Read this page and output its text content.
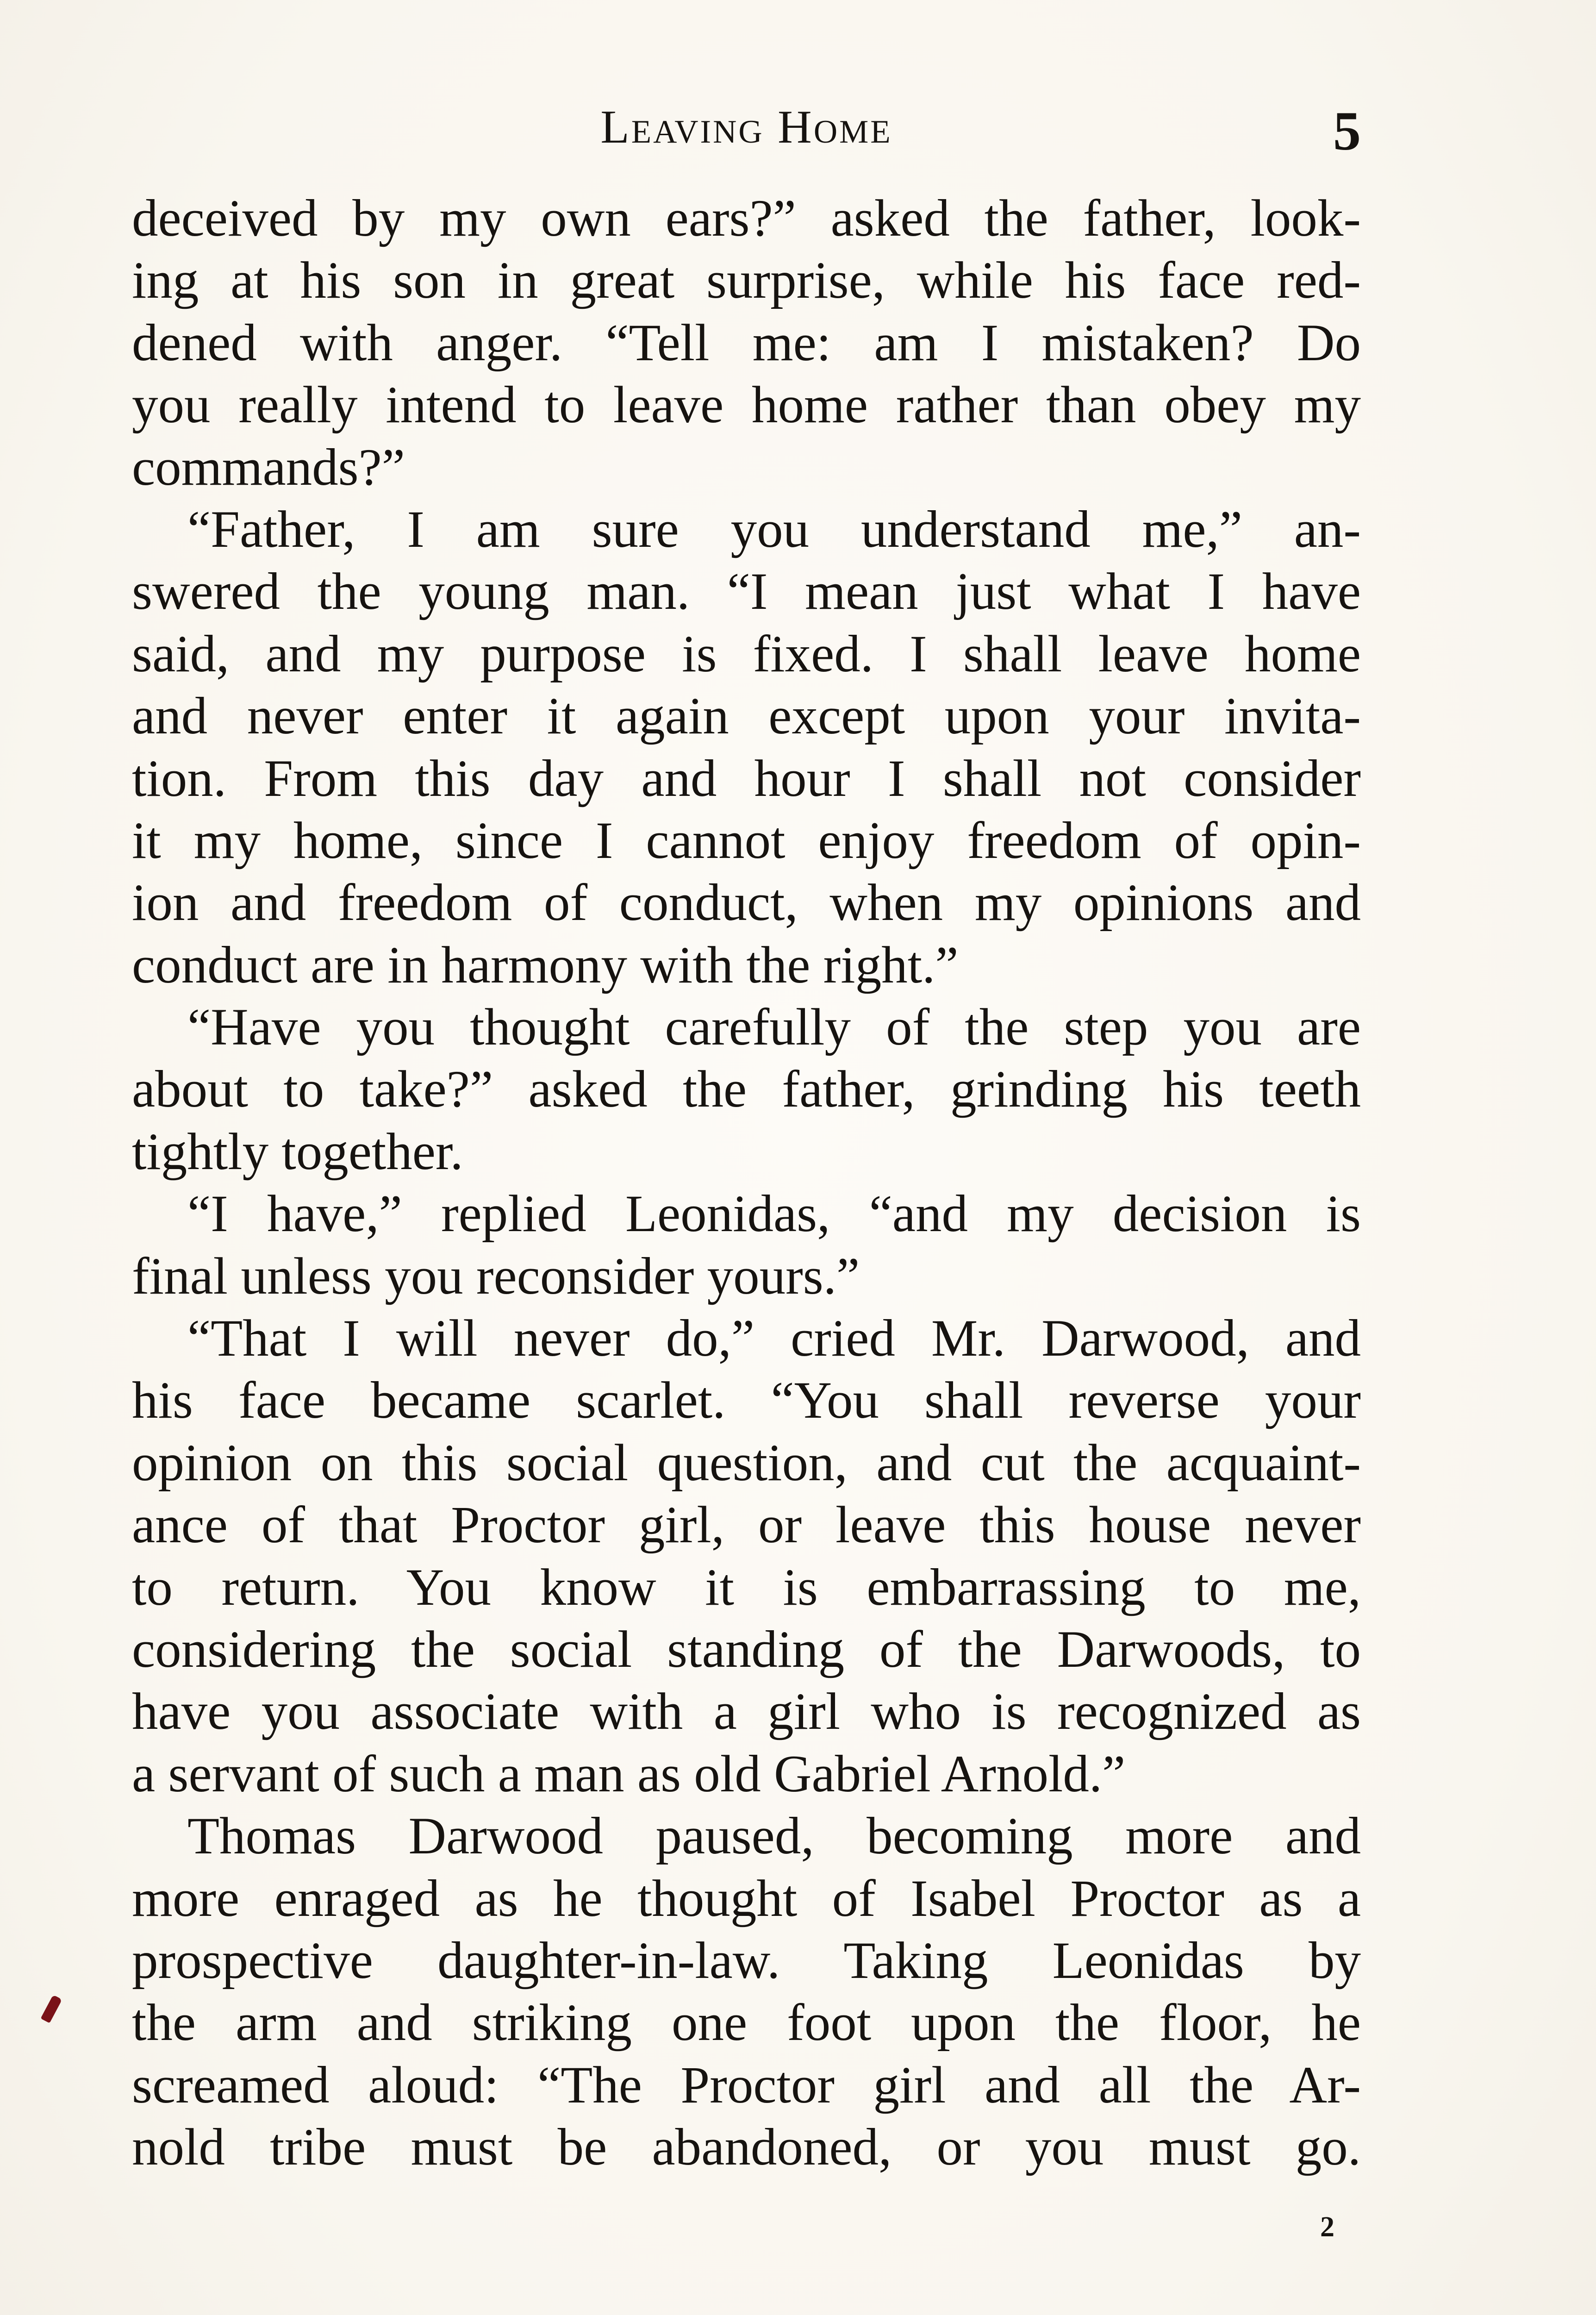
Leaving Home	5
deceived by my own ears?” asked the father, look-
ing at his son in great surprise, while his face red-
dened with anger. “Tell me: am I mistaken? Do
you really intend to leave home rather than obey my
commands?”
“Father, I am sure you understand me,” an-
swered the young man. “I mean just what I have
said, and my purpose is fixed. I shall leave home
and never enter it again except upon your invita-
tion. From this day and hour I shall not consider
it my home, since I cannot enjoy freedom of opin-
ion and freedom of conduct, when my opinions and
conduct are in harmony with the right.”
“Have you thought carefully of the step you are
about to take?” asked the father, grinding his teeth
tightly together.
“I have,” replied Leonidas, “and my decision is
final unless you reconsider yours.”
“That I will never do,” cried Mr. Darwood, and
his face became scarlet. “You shall reverse your
opinion on this social question, and cut the acquaint-
ance of that Proctor girl, or leave this house never
to return. You know it is embarrassing to me,
considering the social standing of the Darwoods, to
have you associate with a girl who is recognized as
a servant of such a man as old Gabriel Arnold.”
Thomas Darwood paused, becoming more and
more enraged as he thought of Isabel Proctor as a
prospective daughter-in-law. Taking Leonidas by
the arm and striking one foot upon the floor, he
screamed aloud: “The Proctor girl and all the Ar-
nold tribe must be abandoned, or you must go.
2
